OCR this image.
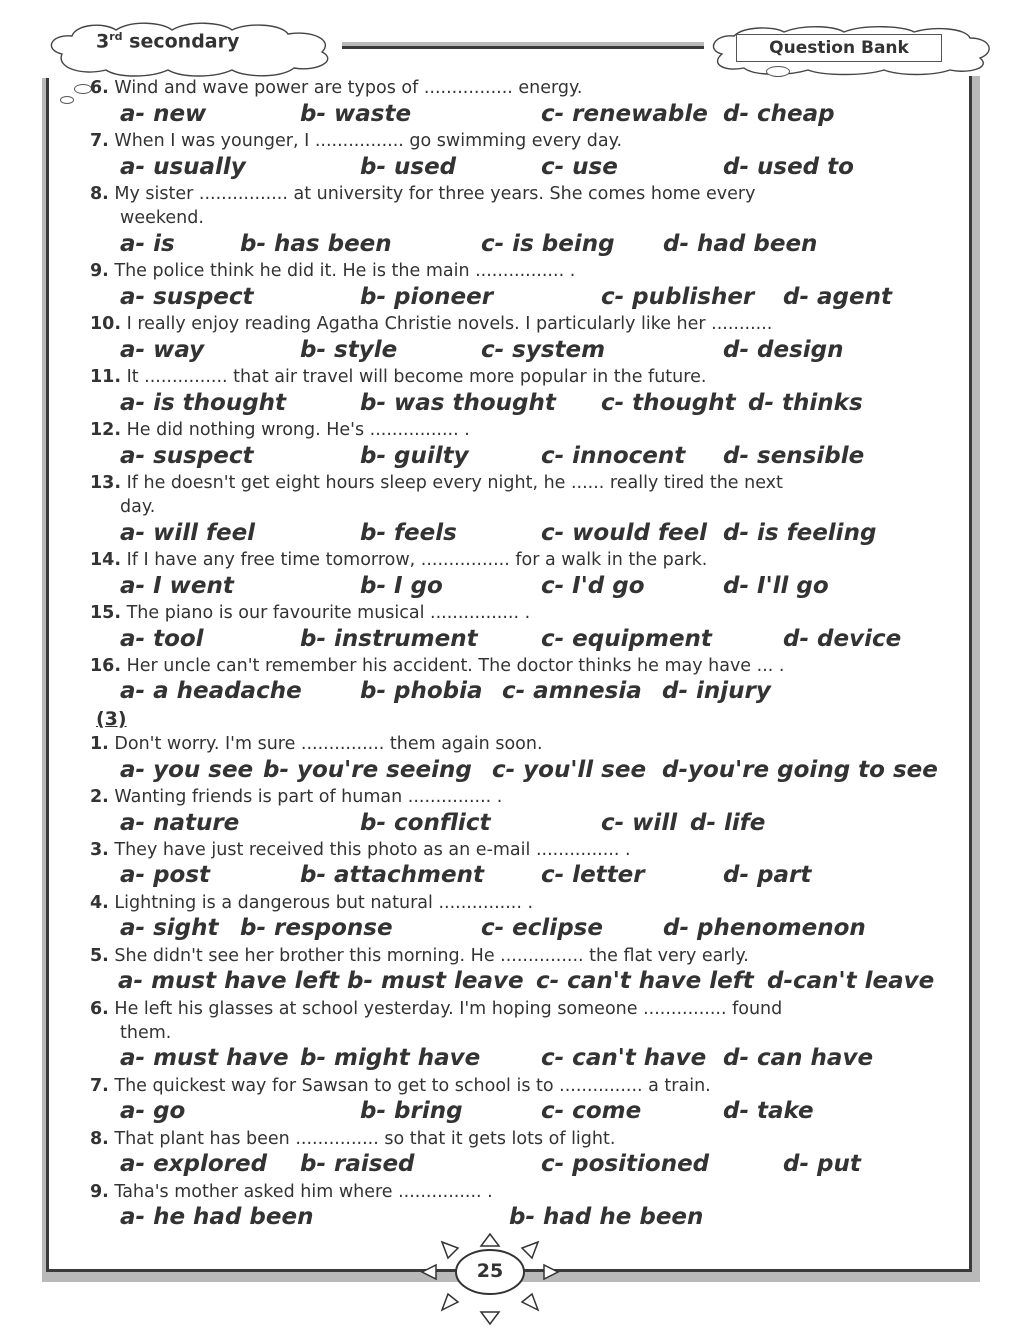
3rd secondary	Question Bank
6. Wind and wave power are typos of ................ energy.
a- new	b- waste	c- renewable d- cheap
7. When I was younger, I ................ go swimming every day.
a- usually	b- used	c- use	d- used to
8. My sister ................ at university for three years. She comes home every
weekend.
a- is	b- has been	c- is being d- had been
9. The police think he did it. He is the main ................ .
a- suspect	b- pioneer	c- publisher d- agent
10. I really enjoy reading Agatha Christie novels. I particularly like her ...........
a- way	b- style	c- system	d- design
11. It ............... that air travel will become more popular in the future.
a- is thought	b- was thought c- thought d- thinks
12. He did nothing wrong. He's ................ .
a- suspect	b- guilty	c- innocent d- sensible
13. If he doesn't get eight hours sleep every night, he ...... really tired the next
day.
a- will feel	b- feels	c- would feel d- is feeling
14. If I have any free time tomorrow, ................ for a walk in the park.
a- I went	b- I go	c- I'd go	d- I'll go
15. The piano is our favourite musical ................ .
a- tool	b- instrument	c- equipment	d- device
16. Her uncle can't remember his accident. The doctor thinks he may have ... .
a- a headache	b- phobia c- amnesia d- injury
(3)
1. Don't worry. I'm sure ............... them again soon.
a- you see b- you're seeing c- you'll see d-you're going to see
2. Wanting friends is part of human ............... .
a- nature	b- conflict	c- will d- life
3. They have just received this photo as an e-mail ............... .
a- post	b- attachment c- letter	d- part
4. Lightning is a dangerous but natural ............... .
a- sight b- response	c- eclipse	d- phenomenon
5. She didn't see her brother this morning. He ............... the flat very early.
a- must have left b- must leave c- can't have left d-can't leave
6. He left his glasses at school yesterday. I'm hoping someone ............... found
them.
a- must have b- might have	c- can't have d- can have
7. The quickest way for Sawsan to get to school is to ............... a train.
a- go	b- bring	c- come	d- take
8. That plant has been ............... so that it gets lots of light.
a- explored b- raised	c- positioned	d- put
9. Taha's mother asked him where ............... .
a- he had been	b- had he been
25
